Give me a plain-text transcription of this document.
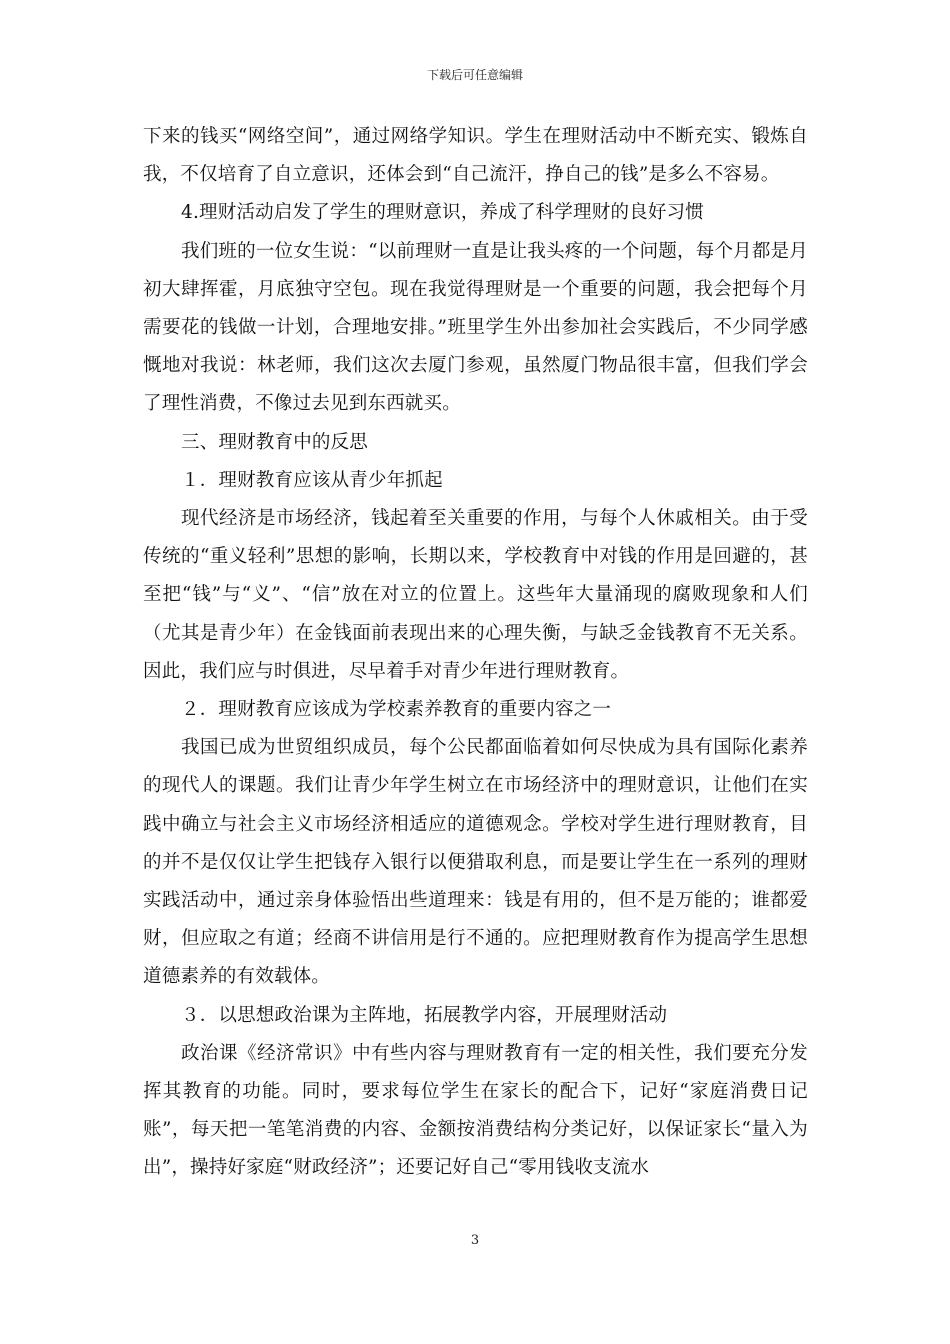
下载后可任意编辑

下来的钱买“网络空间”，通过网络学知识。学生在理财活动中不断充实、锻炼自我，不仅培育了自立意识，还体会到“自己流汗，挣自己的钱”是多么不容易。

4.理财活动启发了学生的理财意识，养成了科学理财的良好习惯

我们班的一位女生说：“以前理财一直是让我头疼的一个问题，每个月都是月初大肆挥霍，月底独守空包。现在我觉得理财是一个重要的问题，我会把每个月需要花的钱做一计划，合理地安排。”班里学生外出参加社会实践后，不少同学感慨地对我说：林老师，我们这次去厦门参观，虽然厦门物品很丰富，但我们学会了理性消费，不像过去见到东西就买。

三、理财教育中的反思

１．理财教育应该从青少年抓起

现代经济是市场经济，钱起着至关重要的作用，与每个人休戚相关。由于受传统的“重义轻利”思想的影响，长期以来，学校教育中对钱的作用是回避的，甚至把“钱”与“义”、“信”放在对立的位置上。这些年大量涌现的腐败现象和人们（尤其是青少年）在金钱面前表现出来的心理失衡，与缺乏金钱教育不无关系。因此，我们应与时俱进，尽早着手对青少年进行理财教育。

２．理财教育应该成为学校素养教育的重要内容之一

我国已成为世贸组织成员，每个公民都面临着如何尽快成为具有国际化素养的现代人的课题。我们让青少年学生树立在市场经济中的理财意识，让他们在实践中确立与社会主义市场经济相适应的道德观念。学校对学生进行理财教育，目的并不是仅仅让学生把钱存入银行以便猎取利息，而是要让学生在一系列的理财实践活动中，通过亲身体验悟出些道理来：钱是有用的，但不是万能的；谁都爱财，但应取之有道；经商不讲信用是行不通的。应把理财教育作为提高学生思想道德素养的有效载体。

３．以思想政治课为主阵地，拓展教学内容，开展理财活动

政治课《经济常识》中有些内容与理财教育有一定的相关性，我们要充分发挥其教育的功能。同时，要求每位学生在家长的配合下，记好“家庭消费日记账”，每天把一笔笔消费的内容、金额按消费结构分类记好，以保证家长“量入为出”，操持好家庭“财政经济”；还要记好自己“零用钱收支流水

3
